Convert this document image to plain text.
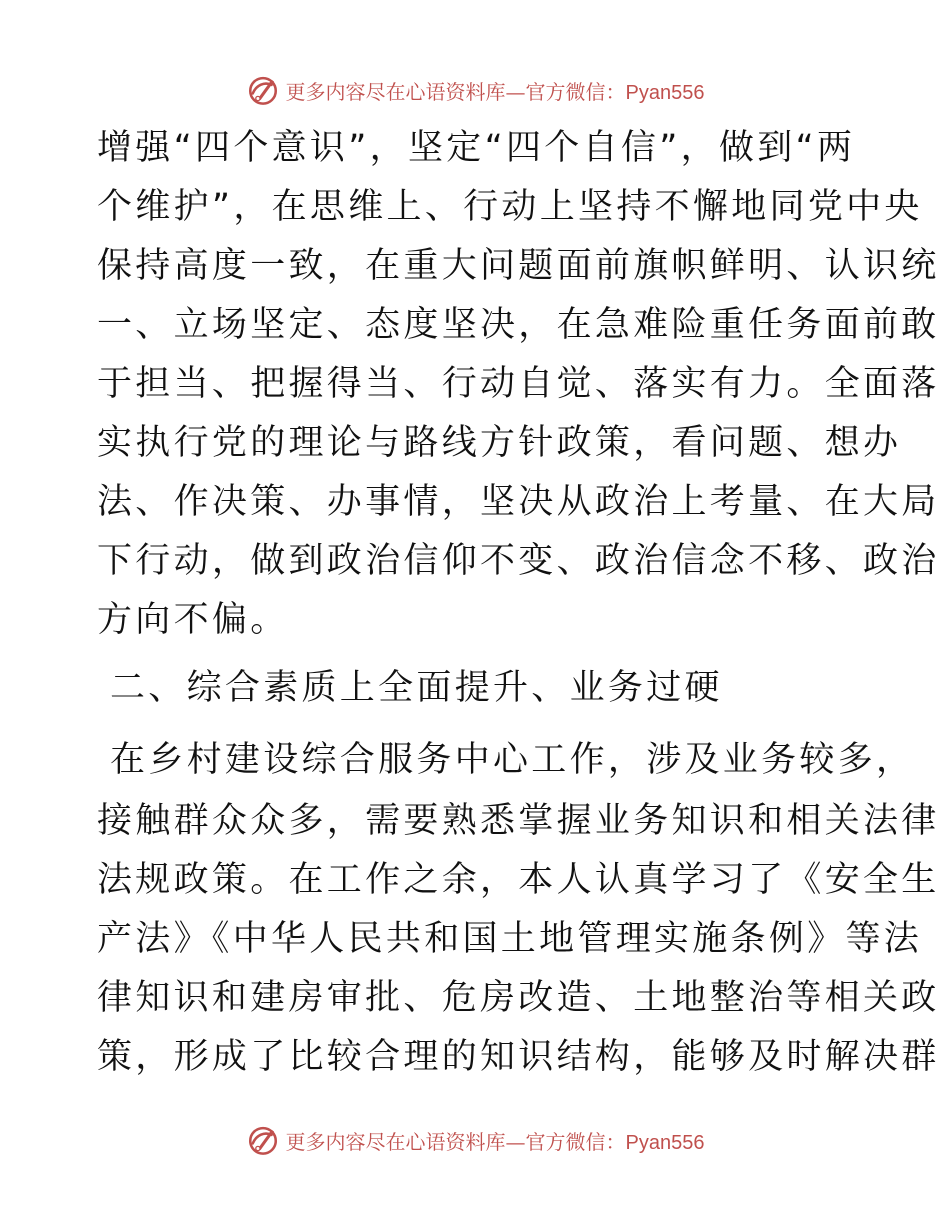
更多内容尽在心语资料库—官方微信：Pyan556
增强“四个意识”，坚定“四个自信”，做到“两
个维护”，在思维上、行动上坚持不懈地同党中央
保持高度一致，在重大问题面前旗帜鲜明、认识统
一、立场坚定、态度坚决，在急难险重任务面前敢
于担当、把握得当、行动自觉、落实有力。全面落
实执行党的理论与路线方针政策，看问题、想办
法、作决策、办事情，坚决从政治上考量、在大局
下行动，做到政治信仰不变、政治信念不移、政治
方向不偏。
二、综合素质上全面提升、业务过硬
在乡村建设综合服务中心工作，涉及业务较多，
接触群众众多，需要熟悉掌握业务知识和相关法律
法规政策。在工作之余，本人认真学习了《安全生
产法》《中华人民共和国土地管理实施条例》等法
律知识和建房审批、危房改造、土地整治等相关政
策，形成了比较合理的知识结构，能够及时解决群
更多内容尽在心语资料库—官方微信：Pyan556
